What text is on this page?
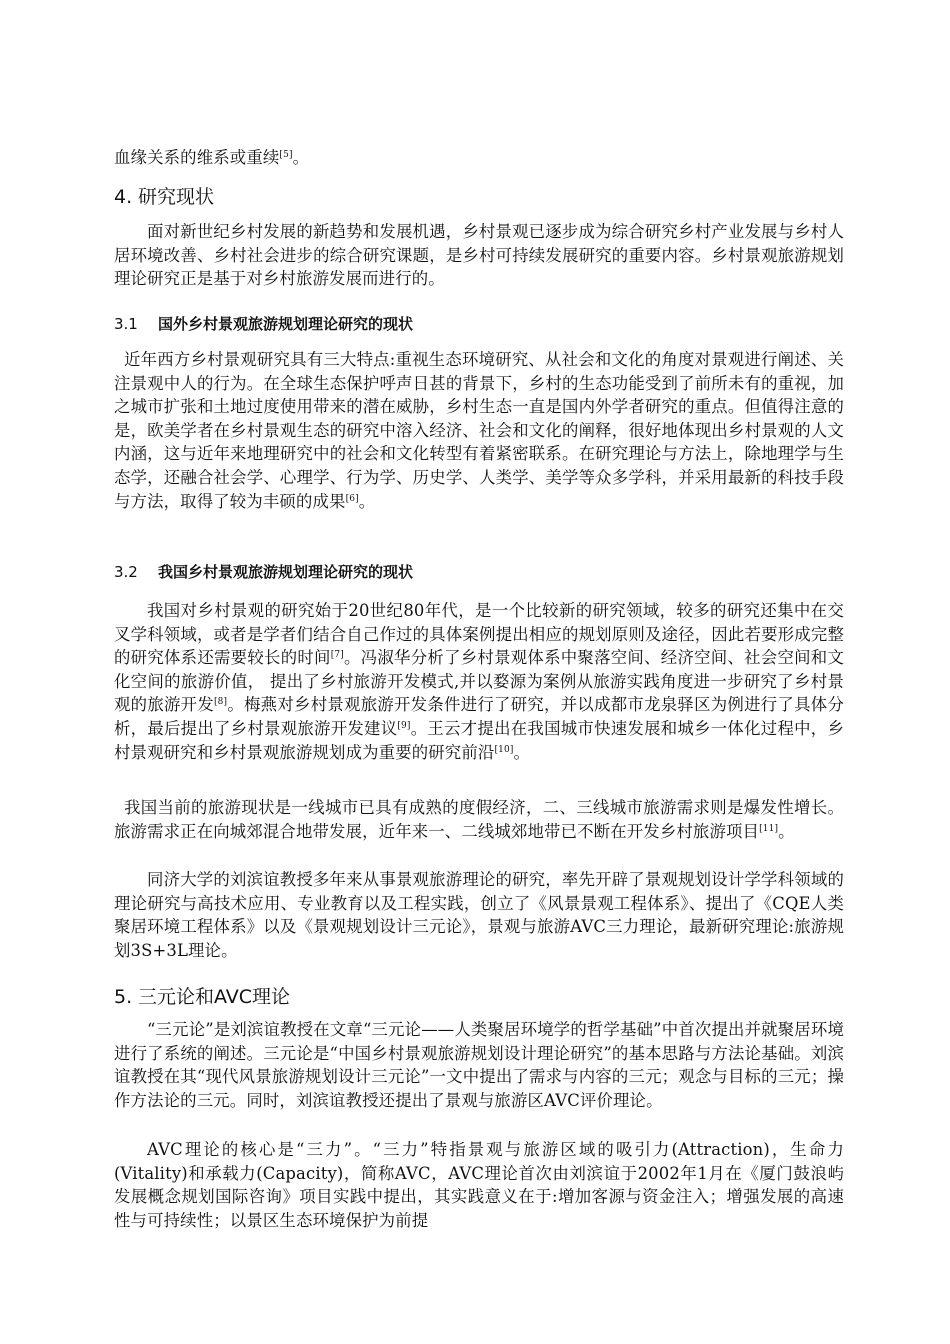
血缘关系的维系或重续[5]。

4. 研究现状

面对新世纪乡村发展的新趋势和发展机遇，乡村景观已逐步成为综合研究乡村产业发展与乡村人居环境改善、乡村社会进步的综合研究课题，是乡村可持续发展研究的重要内容。乡村景观旅游规划理论研究正是基于对乡村旅游发展而进行的。

3.1 国外乡村景观旅游规划理论研究的现状

近年西方乡村景观研究具有三大特点:重视生态环境研究、从社会和文化的角度对景观进行阐述、关注景观中人的行为。在全球生态保护呼声日甚的背景下，乡村的生态功能受到了前所未有的重视，加之城市扩张和土地过度使用带来的潜在威胁，乡村生态一直是国内外学者研究的重点。但值得注意的是，欧美学者在乡村景观生态的研究中溶入经济、社会和文化的阐释，很好地体现出乡村景观的人文内涵，这与近年来地理研究中的社会和文化转型有着紧密联系。在研究理论与方法上，除地理学与生态学，还融合社会学、心理学、行为学、历史学、人类学、美学等众多学科，并采用最新的科技手段与方法，取得了较为丰硕的成果[6]。

3.2 我国乡村景观旅游规划理论研究的现状

我国对乡村景观的研究始于20世纪80年代，是一个比较新的研究领域，较多的研究还集中在交叉学科领域，或者是学者们结合自己作过的具体案例提出相应的规划原则及途径，因此若要形成完整的研究体系还需要较长的时间[7]。冯淑华分析了乡村景观体系中聚落空间、经济空间、社会空间和文化空间的旅游价值， 提出了乡村旅游开发模式,并以婺源为案例从旅游实践角度进一步研究了乡村景观的旅游开发[8]。梅燕对乡村景观旅游开发条件进行了研究，并以成都市龙泉驿区为例进行了具体分析，最后提出了乡村景观旅游开发建议[9]。王云才提出在我国城市快速发展和城乡一体化过程中，乡村景观研究和乡村景观旅游规划成为重要的研究前沿[10]。

我国当前的旅游现状是一线城市已具有成熟的度假经济，二、三线城市旅游需求则是爆发性增长。旅游需求正在向城郊混合地带发展，近年来一、二线城郊地带已不断在开发乡村旅游项目[11]。

同济大学的刘滨谊教授多年来从事景观旅游理论的研究，率先开辟了景观规划设计学学科领域的理论研究与高技术应用、专业教育以及工程实践，创立了《风景景观工程体系》、提出了《CQE人类聚居环境工程体系》以及《景观规划设计三元论》，景观与旅游AVC三力理论，最新研究理论:旅游规划3S+3L理论。

5. 三元论和AVC理论

“三元论”是刘滨谊教授在文章“三元论——人类聚居环境学的哲学基础”中首次提出并就聚居环境进行了系统的阐述。三元论是“中国乡村景观旅游规划设计理论研究”的基本思路与方法论基础。刘滨谊教授在其“现代风景旅游规划设计三元论”一文中提出了需求与内容的三元；观念与目标的三元；操作方法论的三元。同时，刘滨谊教授还提出了景观与旅游区AVC评价理论。

AVC理论的核心是“三力”。“三力”特指景观与旅游区域的吸引力(Attraction)，生命力(Vitality)和承载力(Capacity)，简称AVC，AVC理论首次由刘滨谊于2002年1月在《厦门鼓浪屿发展概念规划国际咨询》项目实践中提出，其实践意义在于:增加客源与资金注入；增强发展的高速性与可持续性；以景区生态环境保护为前提
